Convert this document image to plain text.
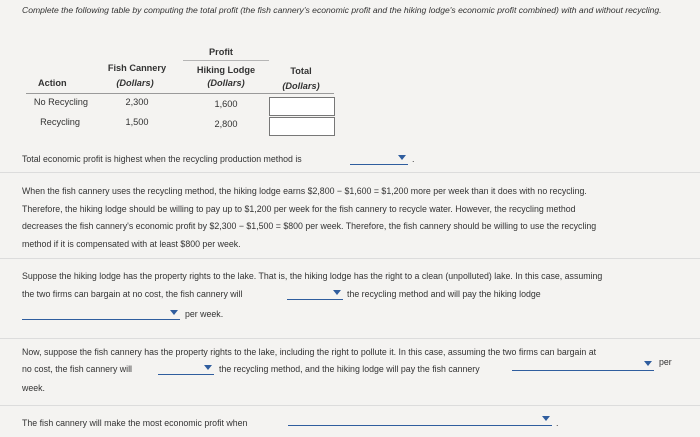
Complete the following table by computing the total profit (the fish cannery's economic profit and the hiking lodge's economic profit combined) with and without recycling.
Profit
Fish Cannery	Hiking Lodge	Total
Action	(Dollars)	(Dollars)	(Dollars)
No Recycling	2,300	1,600
Recycling	1,500	2,800
Total economic profit is highest when the recycling production method is	.
When the fish cannery uses the recycling method, the hiking lodge earns $2,800 − $1,600 = $1,200 more per week than it does with no recycling.
Therefore, the hiking lodge should be willing to pay up to $1,200 per week for the fish cannery to recycle water. However, the recycling method
decreases the fish cannery's economic profit by $2,300 − $1,500 = $800 per week. Therefore, the fish cannery should be willing to use the recycling
method if it is compensated with at least $800 per week.
Suppose the hiking lodge has the property rights to the lake. That is, the hiking lodge has the right to a clean (unpolluted) lake. In this case, assuming
the two firms can bargain at no cost, the fish cannery will	the recycling method and will pay the hiking lodge
per week.
Now, suppose the fish cannery has the property rights to the lake, including the right to pollute it. In this case, assuming the two firms can bargain at
no cost, the fish cannery will	the recycling method, and the hiking lodge will pay the fish cannery
per
week.
The fish cannery will make the most economic profit when	.
